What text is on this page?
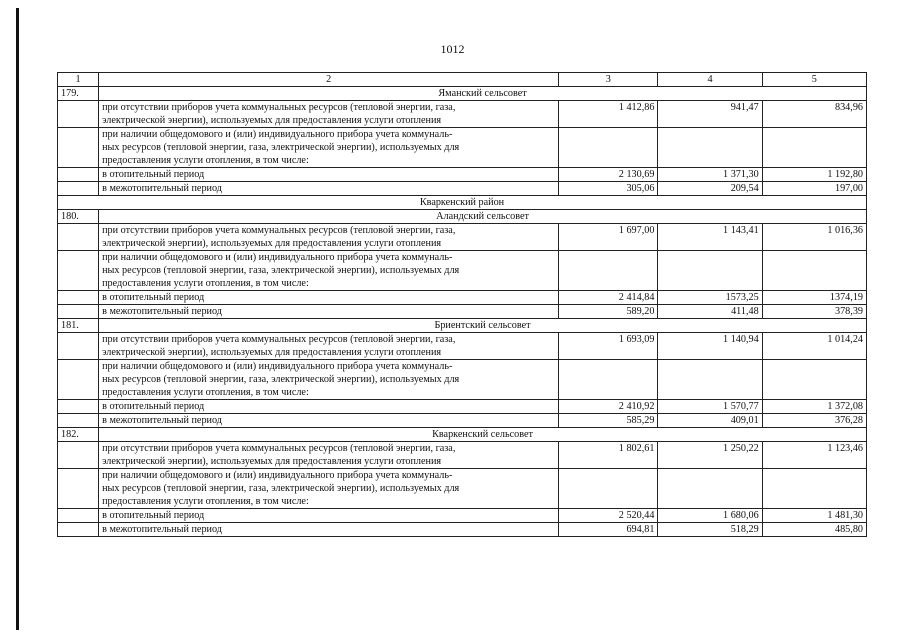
1012
1	2	3	4	5
179.	Яманский сельсовет			

	при отсутствии приборов учета коммунальных ресурсов (тепловой энергии, газа,
электрической энергии), используемых для предоставления услуги отопления	1 412,86	941,47	834,96

	при наличии общедомового и (или) индивидуального прибора учета коммуналь-
ных ресурсов (тепловой энергии, газа, электрической энергии), используемых для
предоставления услуги отопления, в том числе:			

	в отопительный период	2 130,69	1 371,30	1 192,80
	в межотопительный период	305,06	209,54	197,00
Кваркенский район				
180.	Аландский сельсовет			

	при отсутствии приборов учета коммунальных ресурсов (тепловой энергии, газа,
электрической энергии), используемых для предоставления услуги отопления	1 697,00	1 143,41	1 016,36

	при наличии общедомового и (или) индивидуального прибора учета коммуналь-
ных ресурсов (тепловой энергии, газа, электрической энергии), используемых для
предоставления услуги отопления, в том числе:			

	в отопительный период	2 414,84	1573,25	1374,19
	в межотопительный период	589,20	411,48	378,39
181.	Бриентский сельсовет			

	при отсутствии приборов учета коммунальных ресурсов (тепловой энергии, газа,
электрической энергии), используемых для предоставления услуги отопления	1 693,09	1 140,94	1 014,24

	при наличии общедомового и (или) индивидуального прибора учета коммуналь-
ных ресурсов (тепловой энергии, газа, электрической энергии), используемых для
предоставления услуги отопления, в том числе:			

	в отопительный период	2 410,92	1 570,77	1 372,08
	в межотопительный период	585,29	409,01	376,28
182.	Кваркенский сельсовет			

	при отсутствии приборов учета коммунальных ресурсов (тепловой энергии, газа,
электрической энергии), используемых для предоставления услуги отопления	1 802,61	1 250,22	1 123,46

	при наличии общедомового и (или) индивидуального прибора учета коммуналь-
ных ресурсов (тепловой энергии, газа, электрической энергии), используемых для
предоставления услуги отопления, в том числе:			

	в отопительный период	2 520,44	1 680,06	1 481,30
	в межотопительный период	694,81	518,29	485,80
